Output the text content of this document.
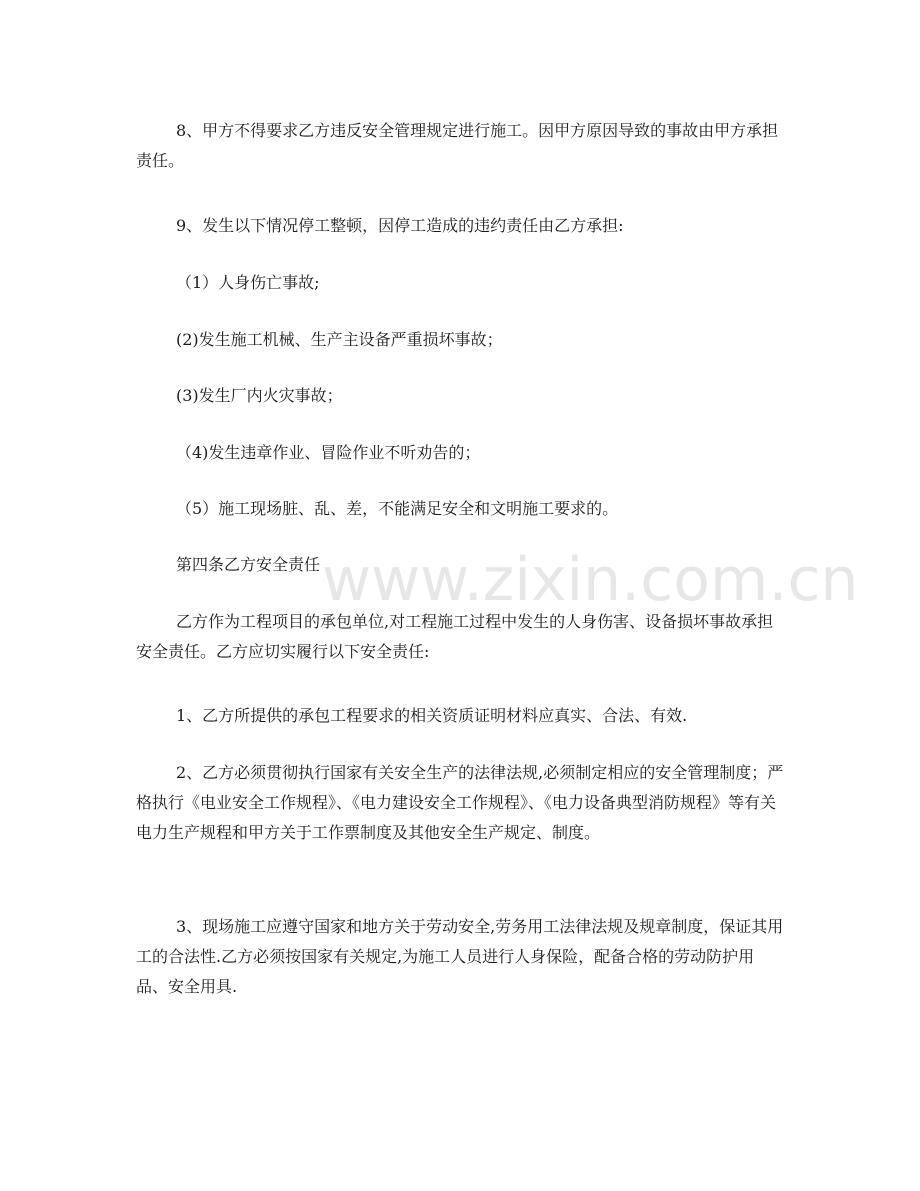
8、甲方不得要求乙方违反安全管理规定进行施工。因甲方原因导致的事故由甲方承担责任。

9、发生以下情况停工整顿，因停工造成的违约责任由乙方承担:

（1）人身伤亡事故;

(2)发生施工机械、生产主设备严重损坏事故；

(3)发生厂内火灾事故；

（4)发生违章作业、冒险作业不听劝告的；

（5）施工现场脏、乱、差，不能满足安全和文明施工要求的。

第四条乙方安全责任

乙方作为工程项目的承包单位,对工程施工过程中发生的人身伤害、设备损坏事故承担安全责任。乙方应切实履行以下安全责任:

1、乙方所提供的承包工程要求的相关资质证明材料应真实、合法、有效.

2、乙方必须贯彻执行国家有关安全生产的法律法规,必须制定相应的安全管理制度；严格执行《电业安全工作规程》、《电力建设安全工作规程》、《电力设备典型消防规程》等有关电力生产规程和甲方关于工作票制度及其他安全生产规定、制度。

3、现场施工应遵守国家和地方关于劳动安全,劳务用工法律法规及规章制度，保证其用工的合法性.乙方必须按国家有关规定,为施工人员进行人身保险，配备合格的劳动防护用品、安全用具.

www.zixin.com.cn
